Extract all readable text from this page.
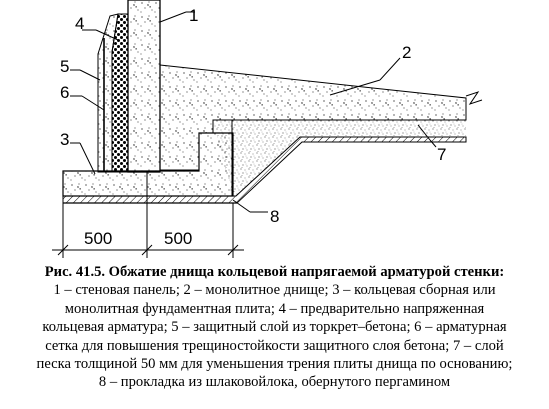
1
2
3
4
5
6
7
8
500	500
Рис. 41.5. Обжатие днища кольцевой напрягаемой арматурой стенки:
1 – стеновая панель; 2 – монолитное днище; 3 – кольцевая сборная или
монолитная фундаментная плита; 4 – предварительно напряженная
кольцевая арматура; 5 – защитный слой из торкрет–бетона; 6 – арматурная
сетка для повышения трещиностойкости защитного слоя бетона; 7 – слой
песка толщиной 50 мм для уменьшения трения плиты днища по основанию;
8 – прокладка из шлаковойлока, обернутого пергамином
